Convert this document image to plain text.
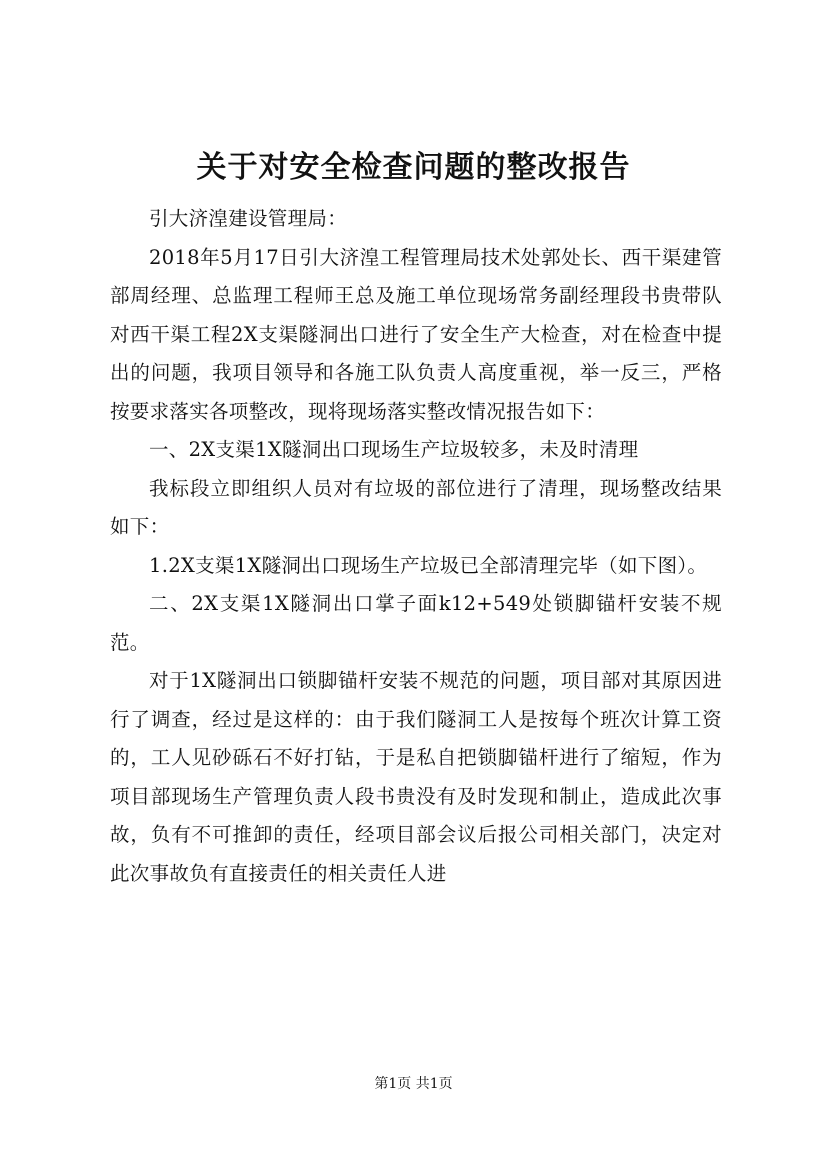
关于对安全检查问题的整改报告

引大济湟建设管理局：

2018年5月17日引大济湟工程管理局技术处郭处长、西干渠建管部周经理、总监理工程师王总及施工单位现场常务副经理段书贵带队对西干渠工程2X支渠隧洞出口进行了安全生产大检查，对在检查中提出的问题，我项目领导和各施工队负责人高度重视，举一反三，严格按要求落实各项整改，现将现场落实整改情况报告如下：

一、2X支渠1X隧洞出口现场生产垃圾较多，未及时清理

我标段立即组织人员对有垃圾的部位进行了清理，现场整改结果如下：

1.2X支渠1X隧洞出口现场生产垃圾已全部清理完毕（如下图）。

二、2X支渠1X隧洞出口掌子面k12+549处锁脚锚杆安装不规范。

对于1X隧洞出口锁脚锚杆安装不规范的问题，项目部对其原因进行了调查，经过是这样的：由于我们隧洞工人是按每个班次计算工资的，工人见砂砾石不好打钻，于是私自把锁脚锚杆进行了缩短，作为项目部现场生产管理负责人段书贵没有及时发现和制止，造成此次事故，负有不可推卸的责任，经项目部会议后报公司相关部门，决定对此次事故负有直接责任的相关责任人进

第1页 共1页
